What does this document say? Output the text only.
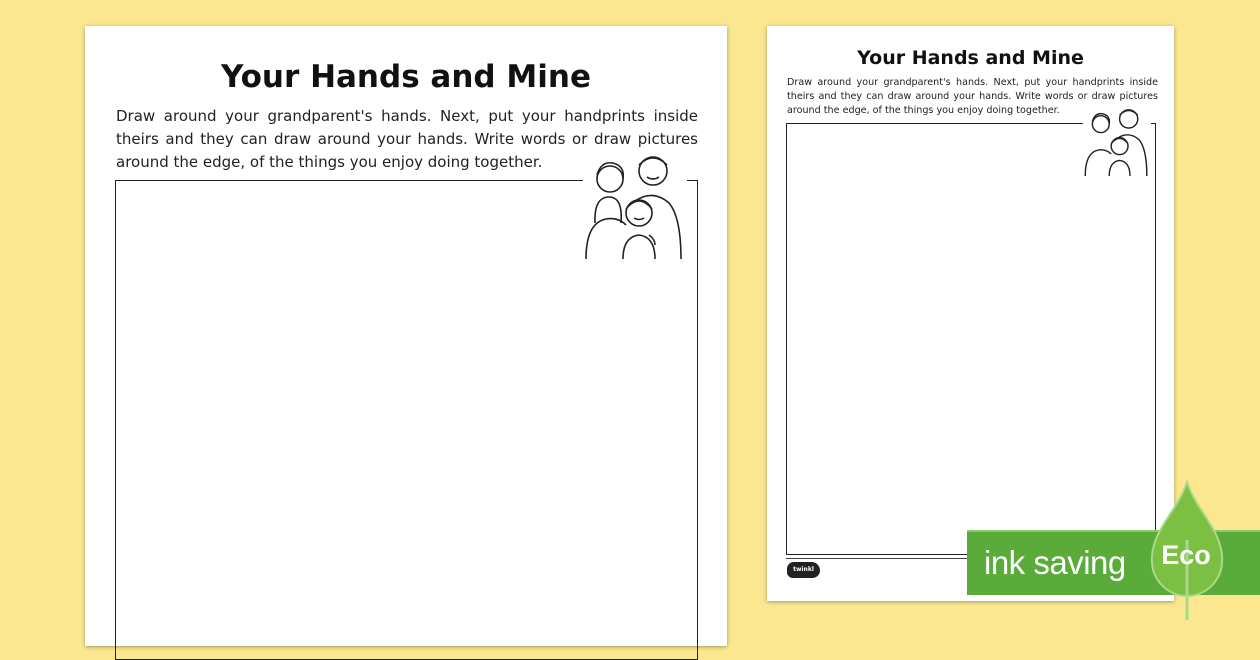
Your Hands and Mine

Draw around your grandparent's hands. Next, put your handprints inside theirs and they can draw around your hands. Write words or draw pictures around the edge, of the things you enjoy doing together.

Your Hands and Mine

Draw around your grandparent's hands. Next, put your handprints inside theirs and they can draw around your hands. Write words or draw pictures around the edge, of the things you enjoy doing together.

twinkl	ink saving	Eco
